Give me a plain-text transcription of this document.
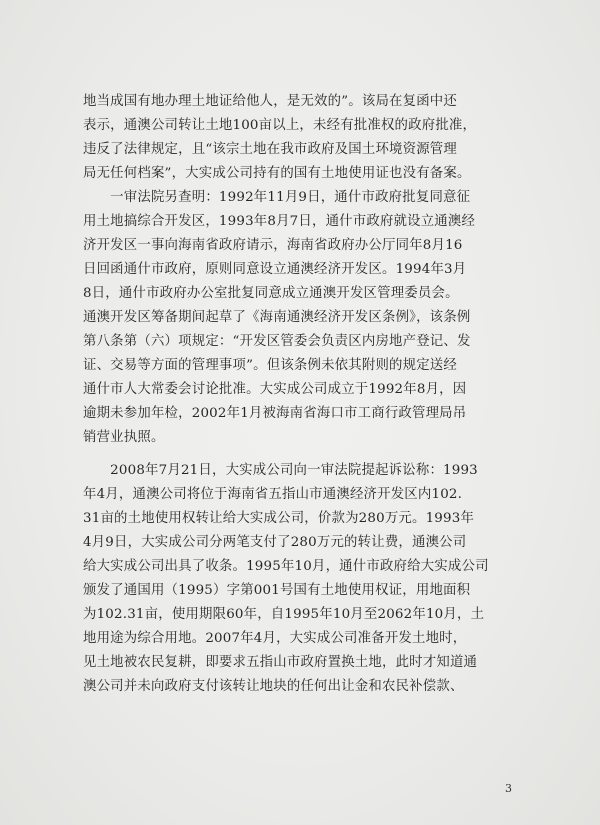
地当成国有地办理土地证给他人，是无效的”。该局在复函中还
表示，通澳公司转让土地100亩以上，未经有批准权的政府批准，
违反了法律规定，且“该宗土地在我市政府及国土环境资源管理
局无任何档案”，大实成公司持有的国有土地使用证也没有备案。

　　一审法院另查明：1992年11月9日，通什市政府批复同意征
用土地搞综合开发区，1993年8月7日，通什市政府就设立通澳经
济开发区一事向海南省政府请示，海南省政府办公厅同年8月16
日回函通什市政府，原则同意设立通澳经济开发区。1994年3月
8日，通什市政府办公室批复同意成立通澳开发区管理委员会。
通澳开发区筹备期间起草了《海南通澳经济开发区条例》，该条例
第八条第（六）项规定：“开发区管委会负责区内房地产登记、发
证、交易等方面的管理事项”。但该条例未依其附则的规定送经
通什市人大常委会讨论批准。大实成公司成立于1992年8月，因
逾期未参加年检，2002年1月被海南省海口市工商行政管理局吊
销营业执照。

　　2008年7月21日，大实成公司向一审法院提起诉讼称：1993
年4月，通澳公司将位于海南省五指山市通澳经济开发区内102.
31亩的土地使用权转让给大实成公司，价款为280万元。1993年
4月9日，大实成公司分两笔支付了280万元的转让费，通澳公司
给大实成公司出具了收条。1995年10月，通什市政府给大实成公司
颁发了通国用（1995）字第001号国有土地使用权证，用地面积
为102.31亩，使用期限60年，自1995年10月至2062年10月，土
地用途为综合用地。2007年4月，大实成公司准备开发土地时，
见土地被农民复耕，即要求五指山市政府置换土地，此时才知道通
澳公司并未向政府支付该转让地块的任何出让金和农民补偿款、

3
